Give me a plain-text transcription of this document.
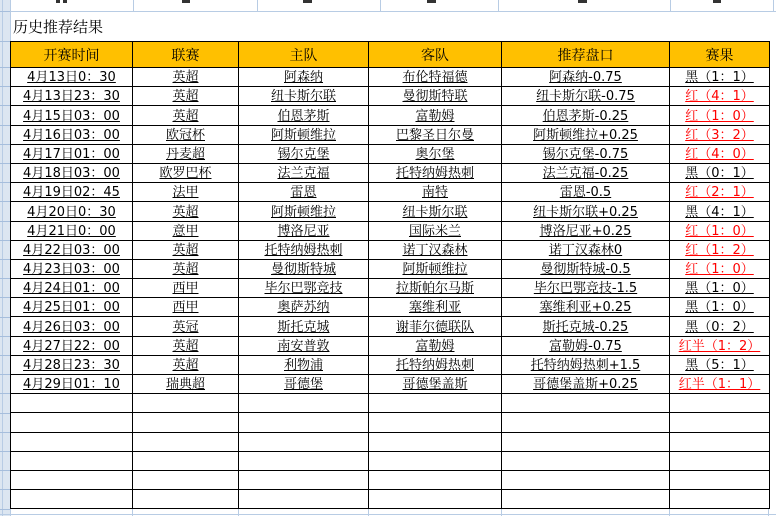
历史推荐结果
开赛时间	联赛	主队	客队	推荐盘口	赛果
4月13日0：30	英超	阿森纳	布伦特福德	阿森纳-0.75	黑（1：1）
4月13日23：30	英超	纽卡斯尔联	曼彻斯特联	纽卡斯尔联-0.75	红（4：1）
4月15日03：00	英超	伯恩茅斯	富勒姆	伯恩茅斯-0.25	红（1：0）
4月16日03：00	欧冠杯	阿斯顿维拉	巴黎圣日尔曼	阿斯顿维拉+0.25	红（3：2）
4月17日01：00	丹麦超	锡尔克堡	奥尔堡	锡尔克堡-0.75	红（4：0）
4月18日03：00	欧罗巴杯	法兰克福	托特纳姆热刺	法兰克福-0.25	黑（0：1）
4月19日02：45	法甲	雷恩	南特	雷恩-0.5	红（2：1）
4月20日0：30	英超	阿斯顿维拉	纽卡斯尔联	纽卡斯尔联+0.25	黑（4：1）
4月21日0：00	意甲	博洛尼亚	国际米兰	博洛尼亚+0.25	红（1：0）
4月22日03：00	英超	托特纳姆热刺	诺丁汉森林	诺丁汉森林0	红（1：2）
4月23日03：00	英超	曼彻斯特城	阿斯顿维拉	曼彻斯特城-0.5	红（1：0）
4月24日01：00	西甲	毕尔巴鄂竞技	拉斯帕尔马斯	毕尔巴鄂竞技-1.5	黑（1：0）
4月25日01：00	西甲	奥萨苏纳	塞维利亚	塞维利亚+0.25	黑（1：0）
4月26日03：00	英冠	斯托克城	谢菲尔德联队	斯托克城-0.25	黑（0：2）
4月27日22：00	英超	南安普敦	富勒姆	富勒姆-0.75	红半（1：2）
4月28日23：30	英超	利物浦	托特纳姆热刺	托特纳姆热刺+1.5	黑（5：1）
4月29日01：10	瑞典超	哥德堡	哥德堡盖斯	哥德堡盖斯+0.25	红半（1：1）
